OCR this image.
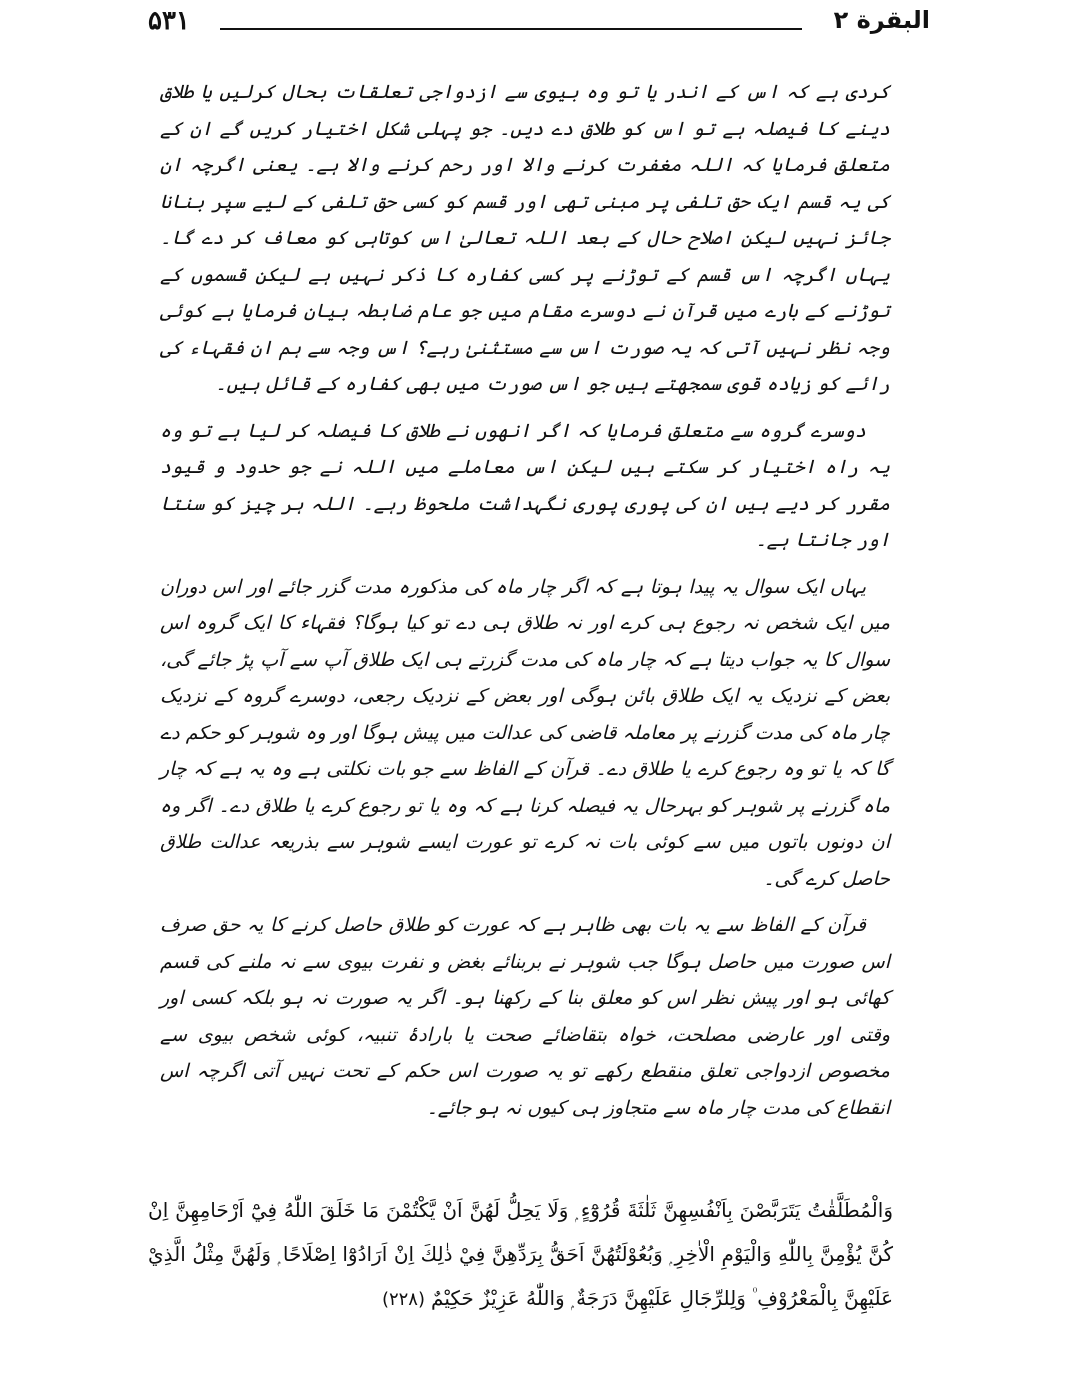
البقرة ۲
۵۳۱

کردی ہے کہ اس کے اندر یا تو وہ بیوی سے ازدواجی تعلقات بحال کرلیں یا طلاق دینے کا فیصلہ ہے تو اس کو طلاق دے دیں۔ جو پہلی شکل اختیار کریں گے ان کے متعلق فرمایا کہ اللہ مغفرت کرنے والا اور رحم کرنے والا ہے۔ یعنی اگرچہ ان کی یہ قسم ایک حق تلفی پر مبنی تھی اور قسم کو کسی حق تلفی کے لیے سپر بنانا جائز نہیں لیکن اصلاح حال کے بعد اللہ تعالیٰ اس کوتاہی کو معاف کر دے گا۔ یہاں اگرچہ اس قسم کے توڑنے پر کسی کفارہ کا ذکر نہیں ہے لیکن قسموں کے توڑنے کے بارے میں قرآن نے دوسرے مقام میں جو عام ضابطہ بیان فرمایا ہے کوئی وجہ نظر نہیں آتی کہ یہ صورت اس سے مستثنیٰ رہے؟ اس وجہ سے ہم ان فقہاء کی رائے کو زیادہ قوی سمجھتے ہیں جو اس صورت میں بھی کفارہ کے قائل ہیں۔

دوسرے گروہ سے متعلق فرمایا کہ اگر انھوں نے طلاق کا فیصلہ کر لیا ہے تو وہ یہ راہ اختیار کر سکتے ہیں لیکن اس معاملے میں اللہ نے جو حدود و قیود مقرر کر دیے ہیں ان کی پوری پوری نگہداشت ملحوظ رہے۔ اللہ ہر چیز کو سنتا اور جانتا ہے۔

یہاں ایک سوال یہ پیدا ہوتا ہے کہ اگر چار ماہ کی مذکورہ مدت گزر جائے اور اس دوران میں ایک شخص نہ رجوع ہی کرے اور نہ طلاق ہی دے تو کیا ہوگا؟ فقہاء کا ایک گروہ اس سوال کا یہ جواب دیتا ہے کہ چار ماہ کی مدت گزرتے ہی ایک طلاق آپ سے آپ پڑ جائے گی، بعض کے نزدیک یہ ایک طلاق بائن ہوگی اور بعض کے نزدیک رجعی، دوسرے گروہ کے نزدیک چار ماہ کی مدت گزرنے پر معاملہ قاضی کی عدالت میں پیش ہوگا اور وہ شوہر کو حکم دے گا کہ یا تو وہ رجوع کرے یا طلاق دے۔ قرآن کے الفاظ سے جو بات نکلتی ہے وہ یہ ہے کہ چار ماہ گزرنے پر شوہر کو بہرحال یہ فیصلہ کرنا ہے کہ وہ یا تو رجوع کرے یا طلاق دے۔ اگر وہ ان دونوں باتوں میں سے کوئی بات نہ کرے تو عورت ایسے شوہر سے بذریعہ عدالت طلاق حاصل کرے گی۔

قرآن کے الفاظ سے یہ بات بھی ظاہر ہے کہ عورت کو طلاق حاصل کرنے کا یہ حق صرف اس صورت میں حاصل ہوگا جب شوہر نے بربنائے بغض و نفرت بیوی سے نہ ملنے کی قسم کھائی ہو اور پیش نظر اس کو معلق بنا کے رکھنا ہو۔ اگر یہ صورت نہ ہو بلکہ کسی اور وقتی اور عارضی مصلحت، خواہ بتقاضائے صحت یا بارادۂ تنبیہ، کوئی شخص بیوی سے مخصوص ازدواجی تعلق منقطع رکھے تو یہ صورت اس حکم کے تحت نہیں آتی اگرچہ اس انقطاع کی مدت چار ماہ سے متجاوز ہی کیوں نہ ہو جائے۔

وَالْمُطَلَّقٰتُ يَتَرَبَّصْنَ بِاَنْفُسِهِنَّ ثَلٰثَةَ قُرُوْٓءٍ ۭ وَلَا يَحِلُّ لَهُنَّ اَنْ يَّكْتُمْنَ مَا خَلَقَ اللّٰهُ فِيْٓ اَرْحَامِهِنَّ اِنْ كُنَّ يُؤْمِنَّ بِاللّٰهِ وَالْيَوْمِ الْاٰخِرِ ۭ وَبُعُوْلَتُهُنَّ اَحَقُّ بِرَدِّهِنَّ فِيْ ذٰلِكَ اِنْ اَرَادُوْٓا اِصْلَاحًا ۭ وَلَهُنَّ مِثْلُ الَّذِيْ عَلَيْهِنَّ بِالْمَعْرُوْفِ ۠ وَلِلرِّجَالِ عَلَيْهِنَّ دَرَجَةٌ ۭ وَاللّٰهُ عَزِيْزٌ حَكِيْمٌ(۲۲۸)
